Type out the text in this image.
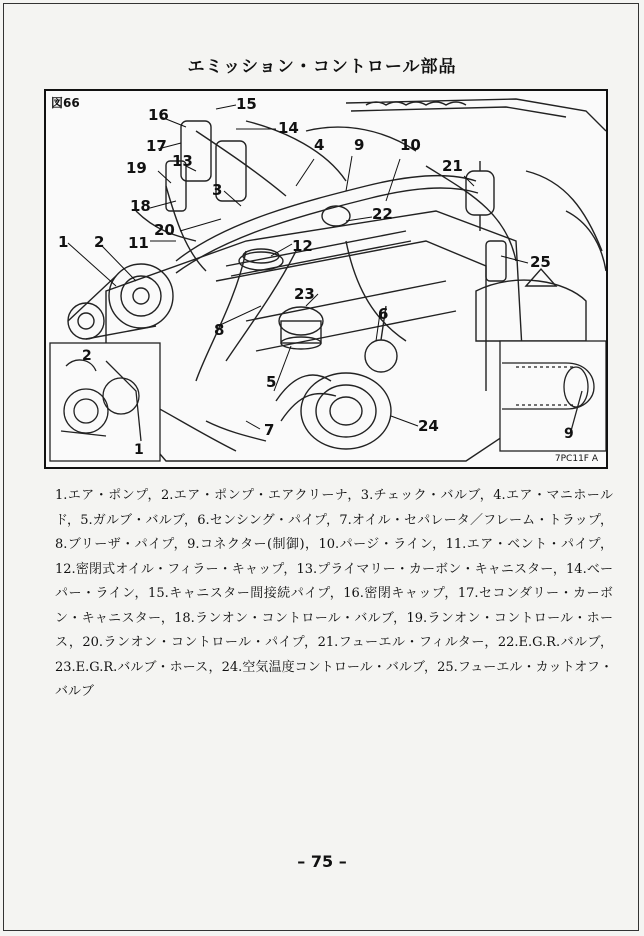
エミッション・コントロール部品
図66
7PC11F A
1 2
3
4
5
6
7
8
9 10
11	12
13
14
15
16
17
18
19
20
21
22
23
24
25
2
1
9
1.エア・ポンプ，2.エア・ポンプ・エアクリーナ，3.チェック・バルブ，4.エア・マニホールド，5.ガルブ・バルブ，6.センシング・パイプ，7.オイル・セパレータ／フレーム・トラップ，8.ブリーザ・パイプ，9.コネクター(制御)，10.パージ・ライン，11.エア・ベント・パイプ，12.密閉式オイル・フィラー・キャップ，13.プライマリー・カーボン・キャニスター，14.ベーパー・ライン，15.キャニスター間接続パイプ，16.密閉キャップ，17.セコンダリー・カーボン・キャニスター，18.ランオン・コントロール・バルブ，19.ランオン・コントロール・ホース，20.ランオン・コントロール・パイプ，21.フューエル・フィルター，22.E.G.R.バルブ，23.E.G.R.バルブ・ホース，24.空気温度コントロール・バルブ，25.フューエル・カットオフ・バルブ
– 75 –
